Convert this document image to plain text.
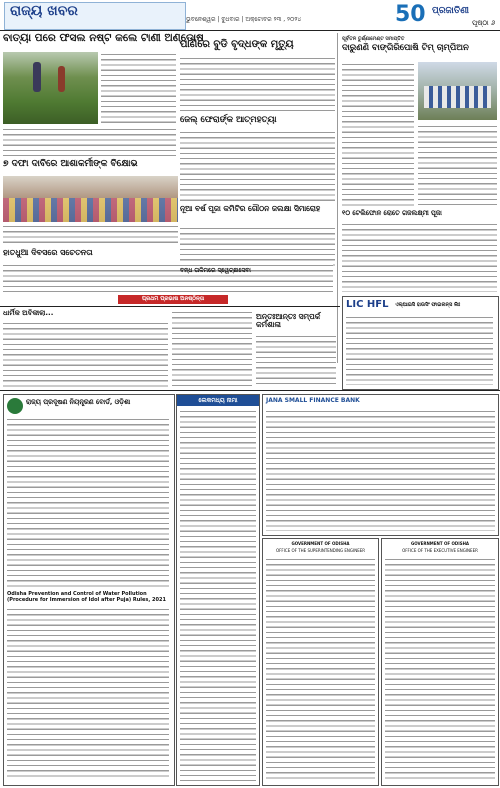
ରାଜ୍ୟ ଖବର
ଭୁବନେଶ୍ୱର | ବୁଧବାର | ଅକ୍ଟୋବର ୨୩ , ୨୦୨୪	50 ପ୍ରଜାତିଣୀ
ପୃଷ୍ଠା ୬
ବାତ୍ୟା ପରେ ଫସଲ ନଷ୍ଟ କଲେ ଟାଣୀ ଅଣ୍ଡୋଷ
ପାଣିରେ ବୁଡି ବୃଦ୍ଧଙ୍କ ମୃତ୍ୟୁ
ଜେଲ୍ ଫେରାର୍ଙ୍କ ଆତ୍ମହତ୍ୟା
୭ ଦଫା ଦାବିରେ ଆଶାକର୍ମୀଙ୍କ ବିକ୍ଷୋଭ
ନୂଆ ବର୍ଷ ପୂଜା କମିଟିର ଗୌଠନ ଜଲକ୍ଷା ସିମାରୋହ
ହାତଧୁଆ ଦିବସରେ ସଚେତନତା
ପ୍ରଥମ ପ୍ରଭାଷ ଅନଷ୍ଠିନ୍ତା
ପୂର୍ବତନ ତୁର୍ଣ୍ଣାମେଣ୍ଟ ସମାପ୍ତିତ
ଦାରୁଣଣି ବାଙ୍ଗିରିପୋଷି ଟିମ୍ ଚାମ୍ପିଅନ
୧୦ ଟେଲିଫୋନ ରୋତେ ଗଜଲକ୍ଷ୍ମୀ ପୂଜା
ବନ୍ଧ ତାଳିମରେ ସ୍ୱେଚ୍ଛାସେବା
ଧାର୍ମିକ ଅବିକୀଲା...	ଅନ୍ତଃଆନ୍ତଃ ସମ୍ପର୍କ କର୍ମଶାଳା
LIC HFL ଏଲ୍‌ଆଇସି ହାଉସିଂ ଫାଇନାନ୍ସ ଲିଃ
ରାଜ୍ୟ ପ୍ରଦୂଷଣ ନିୟନ୍ତ୍ରଣ ବୋର୍ଡ, ଓଡ଼ିଶା
Odisha Prevention and Control of Water Pollution (Procedure for Immersion of Idol after Puja) Rules, 2021
ଲେକମଧ୍ୟ ନାମା	JANA SMALL FINANCE BANK
GOVERNMENT OF ODISHA
OFFICE OF THE SUPERINTENDING ENGINEER
GOVERNMENT OF ODISHA
OFFICE OF THE EXECUTIVE ENGINEER
